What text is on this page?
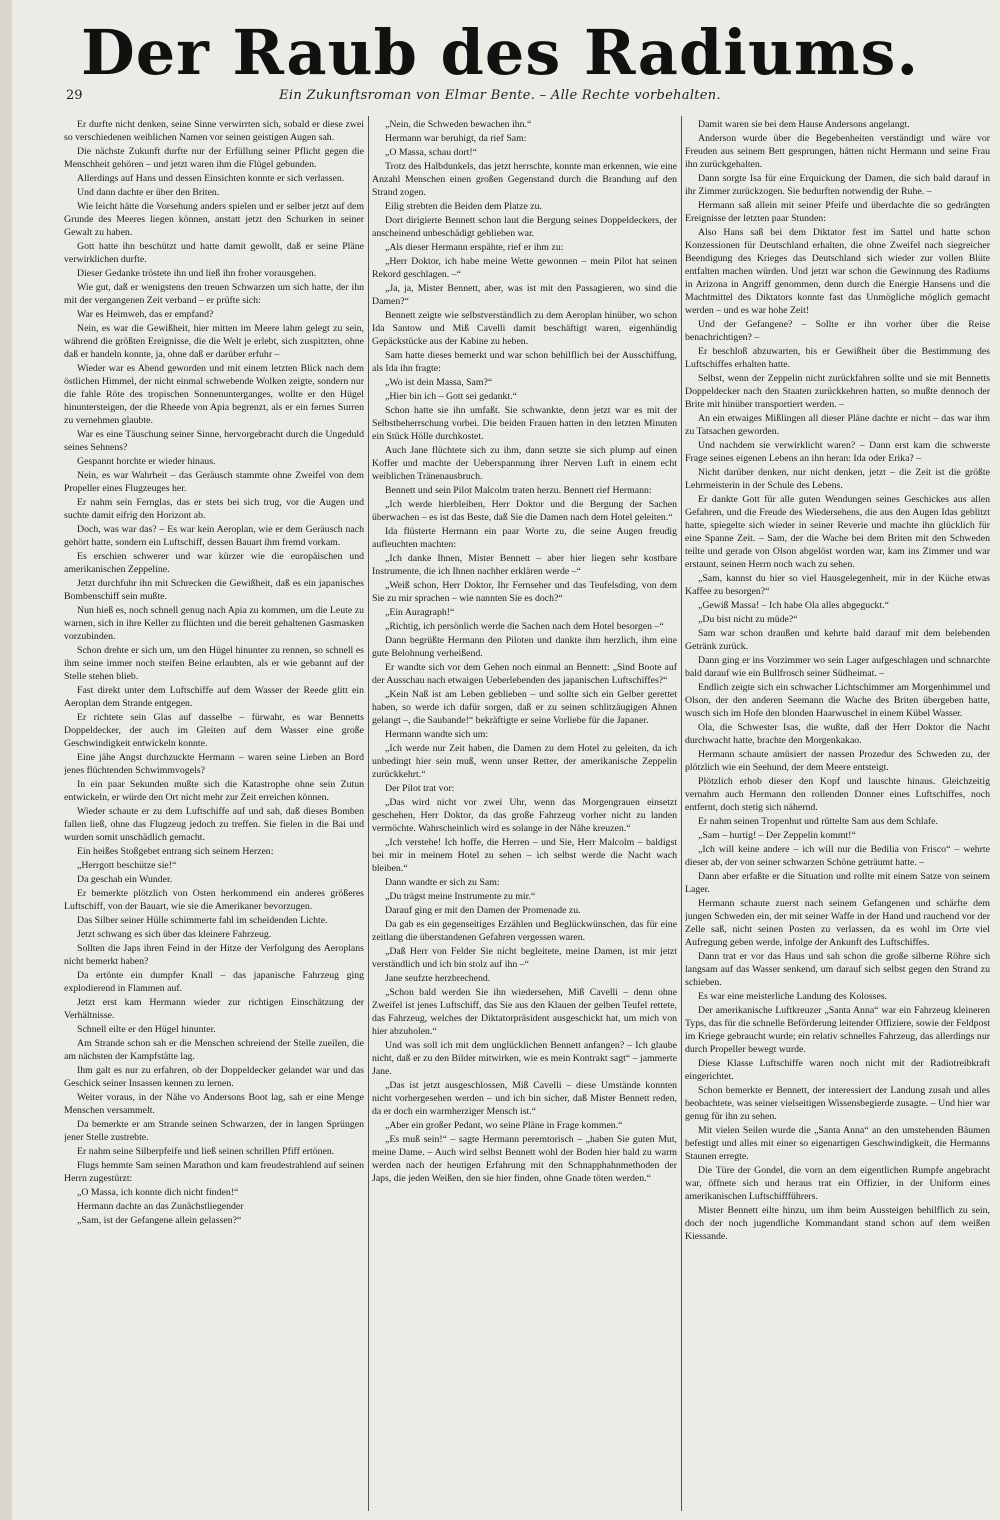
Der Raub des Radiums.
29	Ein Zukunftsroman von Elmar Bente. – Alle Rechte vorbehalten.

Er durfte nicht denken, seine Sinne verwirrten sich, sobald er diese zwei so verschiedenen weiblichen Namen vor seinen geistigen Augen sah.

Die nächste Zukunft durfte nur der Erfüllung seiner Pflicht gegen die Menschheit gehören – und jetzt waren ihm die Flügel gebunden.

Allerdings auf Hans und dessen Einsichten konnte er sich verlassen.

Und dann dachte er über den Briten.

Wie leicht hätte die Vorsehung anders spielen und er selber jetzt auf dem Grunde des Meeres liegen können, anstatt jetzt den Schurken in seiner Gewalt zu haben.

Gott hatte ihn beschützt und hatte damit gewollt, daß er seine Pläne verwirklichen durfte.

Dieser Gedanke tröstete ihn und ließ ihn froher vorausgehen.

Wie gut, daß er wenigstens den treuen Schwarzen um sich hatte, der ihn mit der vergangenen Zeit verband – er prüfte sich:

War es Heimweh, das er empfand?

Nein, es war die Gewißheit, hier mitten im Meere lahm gelegt zu sein, während die größten Ereignisse, die die Welt je erlebt, sich zuspitzten, ohne daß er handeln konnte, ja, ohne daß er darüber erfuhr –

Wieder war es Abend geworden und mit einem letzten Blick nach dem östlichen Himmel, der nicht einmal schwebende Wolken zeigte, sondern nur die fahle Röte des tropischen Sonnenunterganges, wollte er den Hügel hinuntersteigen, der die Rheede von Apia begrenzt, als er ein fernes Surren zu vernehmen glaubte.

War es eine Täuschung seiner Sinne, hervorgebracht durch die Ungeduld seines Sehnens?

Gespannt horchte er wieder hinaus.

Nein, es war Wahrheit – das Geräusch stammte ohne Zweifel von dem Propeller eines Flugzeuges her.

Er nahm sein Fernglas, das er stets bei sich trug, vor die Augen und suchte damit eifrig den Horizont ab.

Doch, was war das? – Es war kein Aeroplan, wie er dem Geräusch nach gehört hatte, sondern ein Luftschiff, dessen Bauart ihm fremd vorkam.

Es erschien schwerer und war kürzer wie die europäischen und amerikanischen Zeppeline.

Jetzt durchfuhr ihn mit Schrecken die Gewißheit, daß es ein japanisches Bombenschiff sein mußte.

Nun hieß es, noch schnell genug nach Apia zu kommen, um die Leute zu warnen, sich in ihre Keller zu flüchten und die bereit gehaltenen Gasmasken vorzubinden.

Schon drehte er sich um, um den Hügel hinunter zu rennen, so schnell es ihm seine immer noch steifen Beine erlaubten, als er wie gebannt auf der Stelle stehen blieb.

Fast direkt unter dem Luftschiffe auf dem Wasser der Reede glitt ein Aeroplan dem Strande entgegen.

Er richtete sein Glas auf dasselbe – fürwahr, es war Bennetts Doppeldecker, der auch im Gleiten auf dem Wasser eine große Geschwindigkeit entwickeln konnte.

Eine jähe Angst durchzuckte Hermann – waren seine Lieben an Bord jenes flüchtenden Schwimmvogels?

In ein paar Sekunden mußte sich die Katastrophe ohne sein Zutun entwickeln, er würde den Ort nicht mehr zur Zeit erreichen können.

Wieder schaute er zu dem Luftschiffe auf und sah, daß dieses Bomben fallen ließ, ohne das Flugzeug jedoch zu treffen. Sie fielen in die Bai und wurden somit unschädlich gemacht.

Ein heißes Stoßgebet entrang sich seinem Herzen:

„Herrgott beschütze sie!“

Da geschah ein Wunder.

Er bemerkte plötzlich von Osten herkommend ein anderes größeres Luftschiff, von der Bauart, wie sie die Amerikaner bevorzugen.

Das Silber seiner Hülle schimmerte fahl im scheidenden Lichte.

Jetzt schwang es sich über das kleinere Fahrzeug.

Sollten die Japs ihren Feind in der Hitze der Verfolgung des Aeroplans nicht bemerkt haben?

Da ertönte ein dumpfer Knall – das japanische Fahrzeug ging explodierend in Flammen auf.

Jetzt erst kam Hermann wieder zur richtigen Einschätzung der Verhältnisse.

Schnell eilte er den Hügel hinunter.

Am Strande schon sah er die Menschen schreiend der Stelle zueilen, die am nächsten der Kampfstätte lag.

Ihm galt es nur zu erfahren, ob der Doppeldecker gelandet war und das Geschick seiner Insassen kennen zu lernen.

Weiter voraus, in der Nähe vo Andersons Boot lag, sah er eine Menge Menschen versammelt.

Da bemerkte er am Strande seinen Schwarzen, der in langen Sprüngen jener Stelle zustrebte.

Er nahm seine Silberpfeife und ließ seinen schrillen Pfiff ertönen.

Flugs hemmte Sam seinen Marathon und kam freudestrahlend auf seinen Herrn zugestürzt:

„O Massa, ich konnte dich nicht finden!“

Hermann dachte an das Zunächstliegender

„Sam, ist der Gefangene allein gelassen?“

„Nein, die Schweden bewachen ihn.“

Hermann war beruhigt, da rief Sam:

„O Massa, schau dort!“

Trotz des Halbdunkels, das jetzt herrschte, konnte man erkennen, wie eine Anzahl Menschen einen großen Gegenstand durch die Brandung auf den Strand zogen.

Eilig strebten die Beiden dem Platze zu.

Dort dirigierte Bennett schon laut die Bergung seines Doppeldeckers, der anscheinend unbeschädigt geblieben war.

„Als dieser Hermann erspähte, rief er ihm zu:

„Herr Doktor, ich habe meine Wette gewonnen – mein Pilot hat seinen Rekord geschlagen. –“

„Ja, ja, Mister Bennett, aber, was ist mit den Passagieren, wo sind die Damen?“

Bennett zeigte wie selbstverständlich zu dem Aeroplan hinüber, wo schon Ida Santow und Miß Cavelli damit beschäftigt waren, eigenhändig Gepäckstücke aus der Kabine zu heben.

Sam hatte dieses bemerkt und war schon behilflich bei der Ausschiffung, als Ida ihn fragte:

„Wo ist dein Massa, Sam?“

„Hier bin ich – Gott sei gedankt.“

Schon hatte sie ihn umfaßt. Sie schwankte, denn jetzt war es mit der Selbstbeherrschung vorbei. Die beiden Frauen hatten in den letzten Minuten ein Stück Hölle durchkostet.

Auch Jane flüchtete sich zu ihm, dann setzte sie sich plump auf einen Koffer und machte der Ueberspannung ihrer Nerven Luft in einem echt weiblichen Tränenausbruch.

Bennett und sein Pilot Malcolm traten herzu. Bennett rief Hermann:

„Ich werde hierbleiben, Herr Doktor und die Bergung der Sachen überwachen – es ist das Beste, daß Sie die Damen nach dem Hotel geleiten.“

Ida flüsterte Hermann ein paar Worte zu, die seine Augen freudig aufleuchten machten:

„Ich danke Ihnen, Mister Bennett – aber hier liegen sehr kostbare Instrumente, die ich Ihnen nachher erklären werde –“

„Weiß schon, Herr Doktor, Ihr Fernseher und das Teufelsding, von dem Sie zu mir sprachen – wie nannten Sie es doch?“

„Ein Auragraph!“

„Richtig, ich persönlich werde die Sachen nach dem Hotel besorgen –“

Dann begrüßte Hermann den Piloten und dankte ihm herzlich, ihm eine gute Belohnung verheißend.

Er wandte sich vor dem Gehen noch einmal an Bennett: „Sind Boote auf der Ausschau nach etwaigen Ueberlebenden des japanischen Luftschiffes?“

„Kein Naß ist am Leben geblieben – und sollte sich ein Gelber gerettet haben, so werde ich dafür sorgen, daß er zu seinen schlitzäugigen Ahnen gelangt –, die Saubande!“ bekräftigte er seine Vorliebe für die Japaner.

Hermann wandte sich um:

„Ich werde nur Zeit haben, die Damen zu dem Hotel zu geleiten, da ich unbedingt hier sein muß, wenn unser Retter, der amerikanische Zeppelin zurückkehrt.“

Der Pilot trat vor:

„Das wird nicht vor zwei Uhr, wenn das Morgengrauen einsetzt geschehen, Herr Doktor, da das große Fahrzeug vorher nicht zu landen vermöchte. Wahrscheinlich wird es solange in der Nähe kreuzen.“

„Ich verstehe! Ich hoffe, die Herren – und Sie, Herr Malcolm – baldigst bei mir in meinem Hotel zu sehen – ich selbst werde die Nacht wach bleiben.“

Dann wandte er sich zu Sam:

„Du trägst meine Instrumente zu mir.“

Darauf ging er mit den Damen der Promenade zu.

Da gab es ein gegenseitiges Erzählen und Beglückwünschen, das für eine zeitlang die überstandenen Gefahren vergessen waren.

„Daß Herr von Felder Sie nicht begleitete, meine Damen, ist mir jetzt verständlich und ich bin stolz auf ihn –“

Jane seufzte herzbrechend.

„Schon bald werden Sie ihn wiedersehen, Miß Cavelli – denn ohne Zweifel ist jenes Luftschiff, das Sie aus den Klauen der gelben Teufel rettete, das Fahrzeug, welches der Diktatorpräsident ausgeschickt hat, um mich von hier abzuholen.“

Und was soll ich mit dem unglücklichen Bennett anfangen? – Ich glaube nicht, daß er zu den Bilder mitwirken, wie es mein Kontrakt sagt“ – jammerte Jane.

„Das ist jetzt ausgeschlossen, Miß Cavelli – diese Umstände konnten nicht vorhergesehen werden – und ich bin sicher, daß Mister Bennett reden, da er doch ein warmherziger Mensch ist.“

„Aber ein großer Pedant, wo seine Pläne in Frage kommen.“

„Es muß sein!“ – sagte Hermann peremtorisch – „haben Sie guten Mut, meine Dame. – Auch wird selbst Bennett wohl der Boden hier bald zu warm werden nach der heutigen Erfahrung mit den Schnapphahnmethoden der Japs, die jeden Weißen, den sie hier finden, ohne Gnade töten werden.“

Damit waren sie bei dem Hause Andersons angelangt.

Anderson wurde über die Begebenheiten verständigt und wäre vor Freuden aus seinem Bett gesprungen, hätten nicht Hermann und seine Frau ihn zurückgehalten.

Dann sorgte Isa für eine Erquickung der Damen, die sich bald darauf in ihr Zimmer zurückzogen. Sie bedurften notwendig der Ruhe. –

Hermann saß allein mit seiner Pfeife und überdachte die so gedrängten Ereignisse der letzten paar Stunden:

Also Hans saß bei dem Diktator fest im Sattel und hatte schon Konzessionen für Deutschland erhalten, die ohne Zweifel nach siegreicher Beendigung des Krieges das Deutschland sich wieder zur vollen Blüte entfalten machen würden. Und jetzt war schon die Gewinnung des Radiums in Arizona in Angriff genommen, denn durch die Energie Hansens und die Machtmittel des Diktators konnte fast das Unmögliche möglich gemacht werden – und es war hohe Zeit!

Und der Gefangene? – Sollte er ihn vorher über die Reise benachrichtigen? –

Er beschloß abzuwarten, bis er Gewißheit über die Bestimmung des Luftschiffes erhalten hatte.

Selbst, wenn der Zeppelin nicht zurückfahren sollte und sie mit Bennetts Doppeldecker nach den Staaten zurückkehren hatten, so mußte dennoch der Brite mit hinüber transportiert werden. –

An ein etwaiges Mißlingen all dieser Pläne dachte er nicht – das war ihm zu Tatsachen geworden.

Und nachdem sie verwirklicht waren? – Dann erst kam die schwerste Frage seines eigenen Lebens an ihn heran: Ida oder Erika? –

Nicht darüber denken, nur nicht denken, jetzt – die Zeit ist die größte Lehrmeisterin in der Schule des Lebens.

Er dankte Gott für alle guten Wendungen seines Geschickes aus allen Gefahren, und die Freude des Wiedersehens, die aus den Augen Idas geblitzt hatte, spiegelte sich wieder in seiner Reverie und machte ihn glücklich für eine Spanne Zeit. – Sam, der die Wache bei dem Briten mit den Schweden teilte und gerade von Olson abgelöst worden war, kam ins Zimmer und war erstaunt, seinen Herrn noch wach zu sehen.

„Sam, kannst du hier so viel Hausgelegenheit, mir in der Küche etwas Kaffee zu besorgen?“

„Gewiß Massa! – Ich habe Ola alles abgeguckt.“

„Du bist nicht zu müde?“

Sam war schon draußen und kehrte bald darauf mit dem belebenden Getränk zurück.

Dann ging er ins Vorzimmer wo sein Lager aufgeschlagen und schnarchte bald darauf wie ein Bullfrosch seiner Südheimat. –

Endlich zeigte sich ein schwacher Lichtschimmer am Morgenhimmel und Olson, der den anderen Seemann die Wache des Briten übergeben hatte, wusch sich im Hofe den blonden Haarwuschel in einem Kübel Wasser.

Ola, die Schwester Isas, die wußte, daß der Herr Doktor die Nacht durchwacht hatte, brachte den Morgenkakao.

Hermann schaute amüsiert der nassen Prozedur des Schweden zu, der plötzlich wie ein Seehund, der dem Meere entsteigt.

Plötzlich erhob dieser den Kopf und lauschte hinaus. Gleichzeitig vernahm auch Hermann den rollenden Donner eines Luftschiffes, noch entfernt, doch stetig sich nähernd.

Er nahm seinen Tropenhut und rüttelte Sam aus dem Schlafe.

„Sam – hurtig! – Der Zeppelin kommt!“

„Ich will keine andere – ich will nur die Bedilia von Frisco“ – wehrte dieser ab, der von seiner schwarzen Schöne geträumt hatte. –

Dann aber erfaßte er die Situation und rollte mit einem Satze von seinem Lager.

Hermann schaute zuerst nach seinem Gefangenen und schärfte dem jungen Schweden ein, der mit seiner Waffe in der Hand und rauchend vor der Zelle saß, nicht seinen Posten zu verlassen, da es wohl im Orte viel Aufregung geben werde, infolge der Ankunft des Luftschiffes.

Dann trat er vor das Haus und sah schon die große silberne Röhre sich langsam auf das Wasser senkend, um darauf sich selbst gegen den Strand zu schieben.

Es war eine meisterliche Landung des Kolosses.

Der amerikanische Luftkreuzer „Santa Anna“ war ein Fahrzeug kleineren Typs, das für die schnelle Beförderung leitender Offiziere, sowie der Feldpost im Kriege gebraucht wurde; ein relativ schnelles Fahrzeug, das allerdings nur durch Propeller bewegt wurde.

Diese Klasse Luftschiffe waren noch nicht mit der Radiotreibkraft eingerichtet.

Schon bemerkte er Bennett, der interessiert der Landung zusah und alles beobachtete, was seiner vielseitigen Wissensbegierde zusagte. – Und hier war genug für ihn zu sehen.

Mit vielen Seilen wurde die „Santa Anna“ an den umstehenden Bäumen befestigt und alles mit einer so eigenartigen Geschwindigkeit, die Hermanns Staunen erregte.

Die Türe der Gondel, die vorn an dem eigentlichen Rumpfe angebracht war, öffnete sich und heraus trat ein Offizier, in der Uniform eines amerikanischen Luftschiffführers.

Mister Bennett eilte hinzu, um ihm beim Aussteigen behilflich zu sein, doch der noch jugendliche Kommandant stand schon auf dem weißen Kiessande.
